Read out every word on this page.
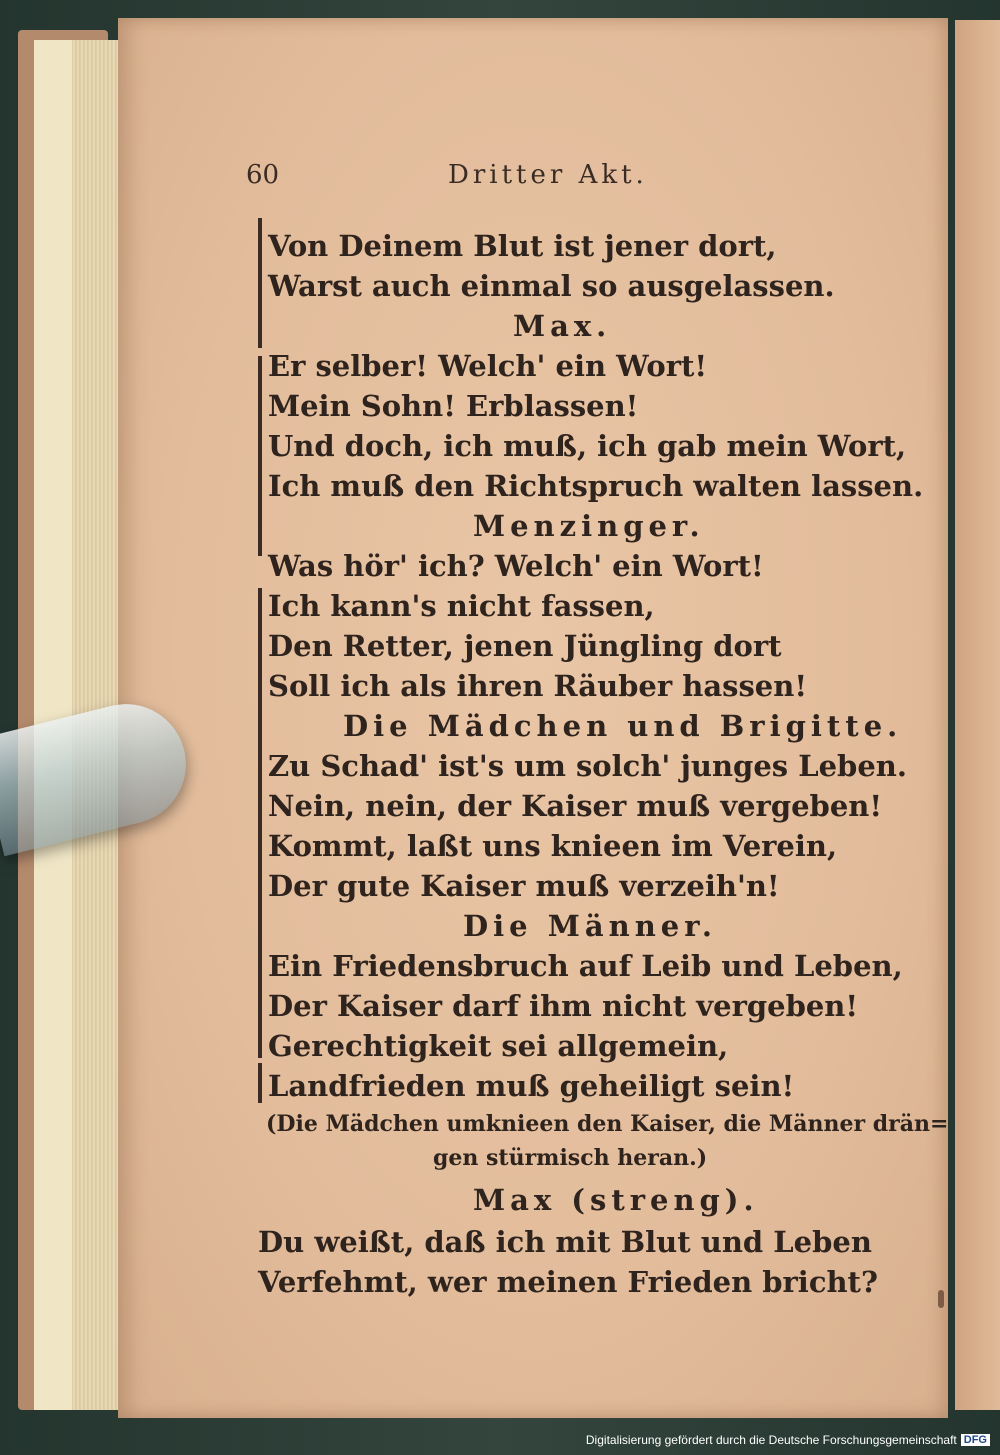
60	Dritter Akt.
Von Deinem Blut ist jener dort,
Warst auch einmal so ausgelassen.
Max.
Er selber! Welch' ein Wort!
Mein Sohn! Erblassen!
Und doch, ich muß, ich gab mein Wort,
Ich muß den Richtspruch walten lassen.
Menzinger.
Was hör' ich? Welch' ein Wort!
Ich kann's nicht fassen,
Den Retter, jenen Jüngling dort
Soll ich als ihren Räuber hassen!
Die Mädchen und Brigitte.
Zu Schad' ist's um solch' junges Leben.
Nein, nein, der Kaiser muß vergeben!
Kommt, laßt uns knieen im Verein,
Der gute Kaiser muß verzeih'n!
Die Männer.
Ein Friedensbruch auf Leib und Leben,
Der Kaiser darf ihm nicht vergeben!
Gerechtigkeit sei allgemein,
Landfrieden muß geheiligt sein!
(Die Mädchen umknieen den Kaiser, die Männer drän=
gen stürmisch heran.)
Max (streng).
Du weißt, daß ich mit Blut und Leben
Verfehmt, wer meinen Frieden bricht?
Digitalisierung gefördert durch die Deutsche Forschungsgemeinschaft DFG
